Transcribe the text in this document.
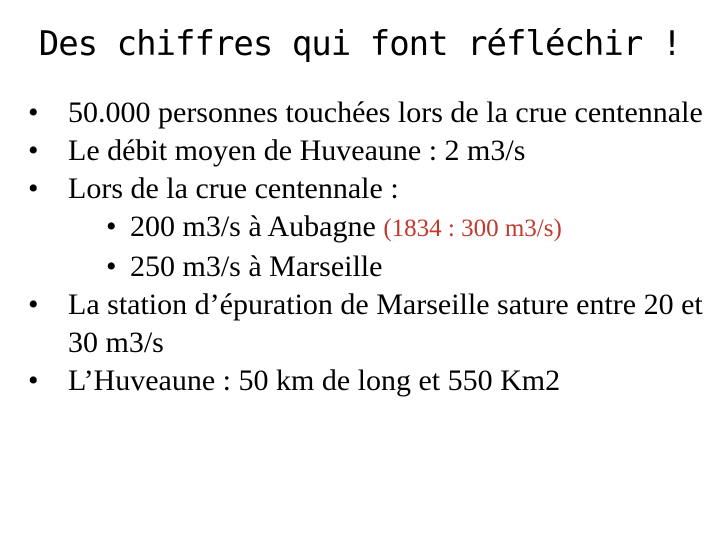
Des chiffres qui font réfléchir !
• 50.000 personnes touchées lors de la crue centennale
• Le débit moyen de Huveaune : 2 m3/s
• Lors de la crue centennale :
• 200 m3/s à Aubagne (1834 : 300 m3/s)
• 250 m3/s à Marseille
• La station d’épuration de Marseille sature entre 20 et 30 m3/s
• L’Huveaune : 50 km de long et 550 Km2
